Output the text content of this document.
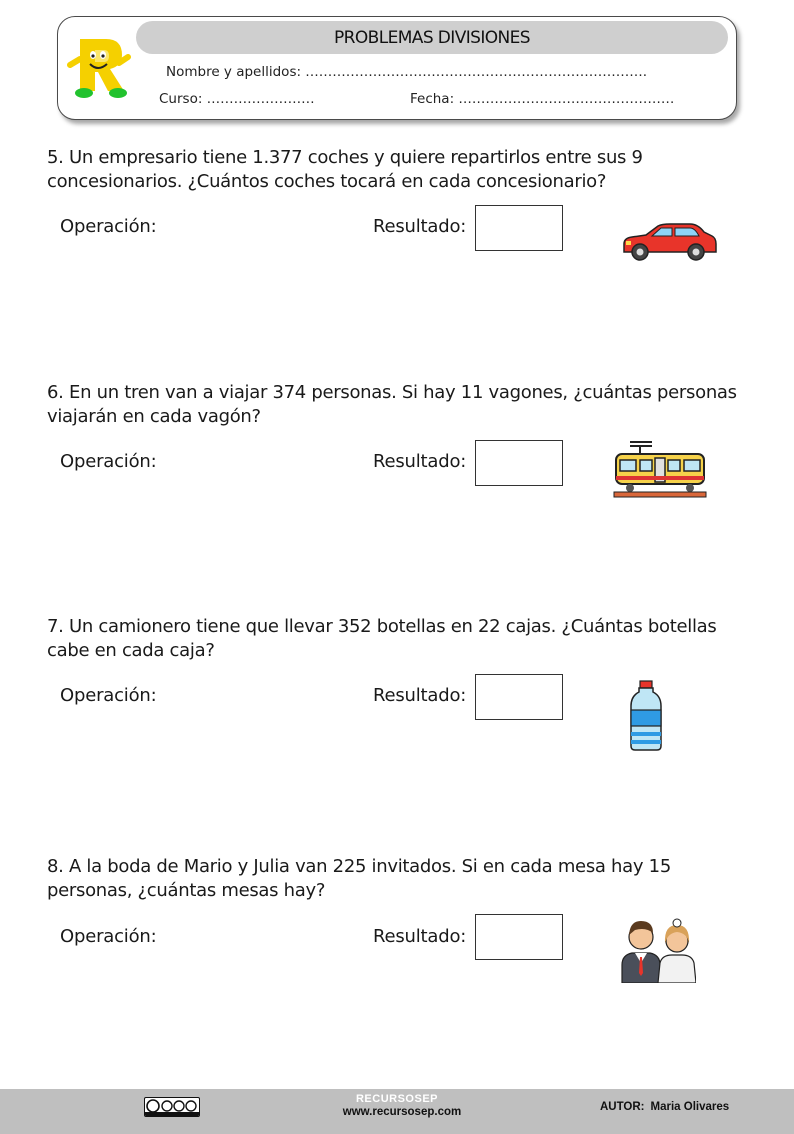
PROBLEMAS DIVISIONES
Nombre y apellidos: ………………………………………………………………….
Curso: ……………………	Fecha: …………………………………………
5. Un empresario tiene 1.377 coches y quiere repartirlos entre sus 9 concesionarios. ¿Cuántos coches tocará en cada concesionario?
Operación:	Resultado:
6. En un tren van a viajar 374 personas. Si hay 11 vagones, ¿cuántas personas viajarán en cada vagón?
Operación:	Resultado:
7. Un camionero tiene que llevar 352 botellas en 22 cajas. ¿Cuántas botellas cabe en cada caja?
Operación:	Resultado:
8. A la boda de Mario y Julia van 225 invitados. Si en cada mesa hay 15 personas, ¿cuántas mesas hay?
Operación:	Resultado:
RECURSOSEP
www.recursosep.com	AUTOR: Maria Olivares
